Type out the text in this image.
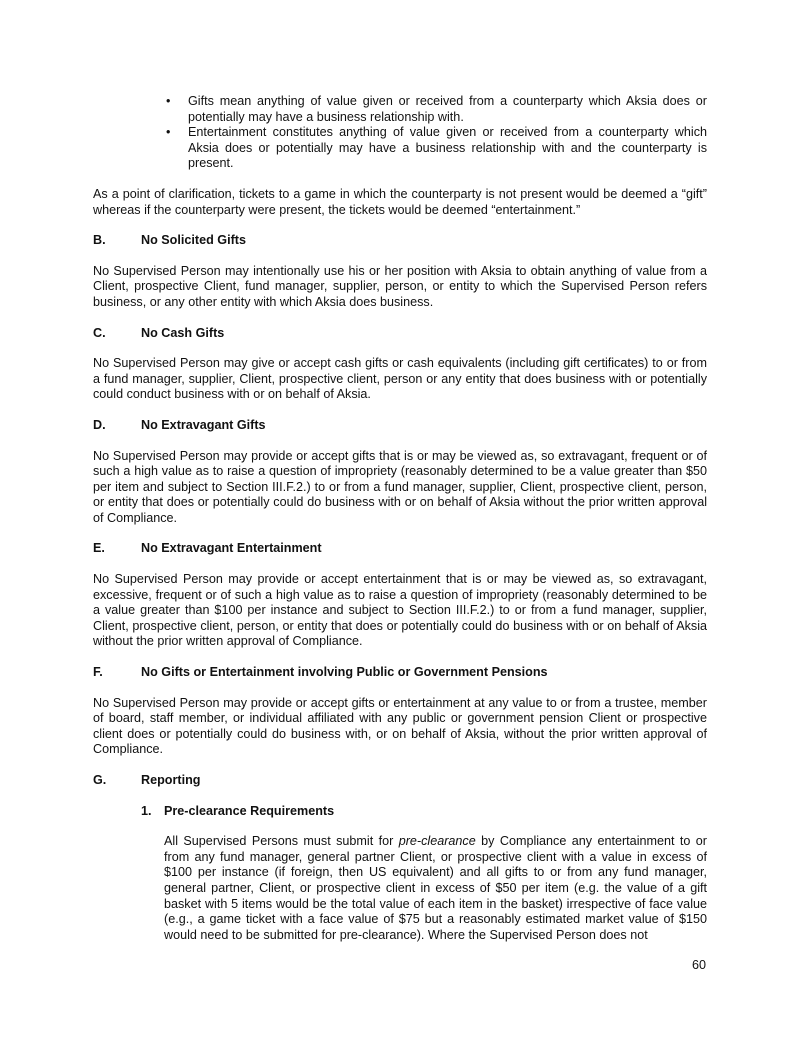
• Gifts mean anything of value given or received from a counterparty which Aksia does or potentially may have a business relationship with.
• Entertainment constitutes anything of value given or received from a counterparty which Aksia does or potentially may have a business relationship with and the counterparty is present.

As a point of clarification, tickets to a game in which the counterparty is not present would be deemed a “gift” whereas if the counterparty were present, the tickets would be deemed “entertainment.”

B.	No Solicited Gifts

No Supervised Person may intentionally use his or her position with Aksia to obtain anything of value from a Client, prospective Client, fund manager, supplier, person, or entity to which the Supervised Person refers business, or any other entity with which Aksia does business.

C.	No Cash Gifts

No Supervised Person may give or accept cash gifts or cash equivalents (including gift certificates) to or from a fund manager, supplier, Client, prospective client, person or any entity that does business with or potentially could conduct business with or on behalf of Aksia.

D.	No Extravagant Gifts

No Supervised Person may provide or accept gifts that is or may be viewed as, so extravagant, frequent or of such a high value as to raise a question of impropriety (reasonably determined to be a value greater than $50 per item and subject to Section III.F.2.) to or from a fund manager, supplier, Client, prospective client, person, or entity that does or potentially could do business with or on behalf of Aksia without the prior written approval of Compliance.

E.	No Extravagant Entertainment

No Supervised Person may provide or accept entertainment that is or may be viewed as, so extravagant, excessive, frequent or of such a high value as to raise a question of impropriety (reasonably determined to be a value greater than $100 per instance and subject to Section III.F.2.) to or from a fund manager, supplier, Client, prospective client, person, or entity that does or potentially could do business with or on behalf of Aksia without the prior written approval of Compliance.

F.	No Gifts or Entertainment involving Public or Government Pensions

No Supervised Person may provide or accept gifts or entertainment at any value to or from a trustee, member of board, staff member, or individual affiliated with any public or government pension Client or prospective client does or potentially could do business with, or on behalf of Aksia, without the prior written approval of Compliance.

G.	Reporting
1. Pre-clearance Requirements

All Supervised Persons must submit for pre-clearance by Compliance any entertainment to or from any fund manager, general partner Client, or prospective client with a value in excess of $100 per instance (if foreign, then US equivalent) and all gifts to or from any fund manager, general partner, Client, or prospective client in excess of $50 per item (e.g. the value of a gift basket with 5 items would be the total value of each item in the basket) irrespective of face value (e.g., a game ticket with a face value of $75 but a reasonably estimated market value of $150 would need to be submitted for pre-clearance). Where the Supervised Person does not

60
